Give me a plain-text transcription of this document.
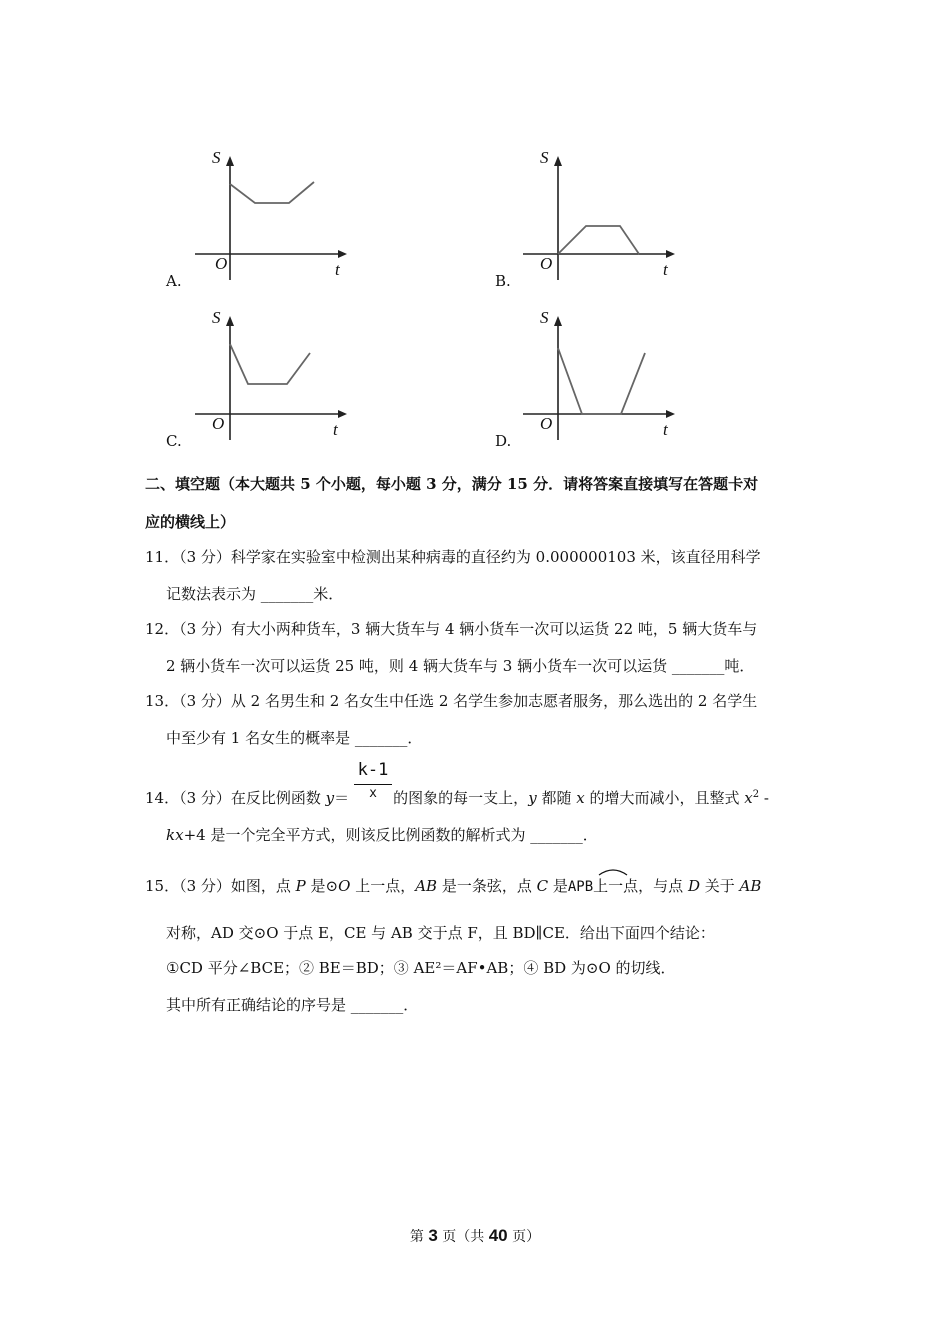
S
O	t
A.
S
O	t
B.
S
O	t
C.
S
O	t
D.
二、填空题（本大题共 5 个小题，每小题 3 分，满分 15 分．请将答案直接填写在答题卡对
应的横线上）
11．（3 分）科学家在实验室中检测出某种病毒的直径约为 0.000000103 米，该直径用科学
记数法表示为 _______米．
12．（3 分）有大小两种货车，3 辆大货车与 4 辆小货车一次可以运货 22 吨，5 辆大货车与
2 辆小货车一次可以运货 25 吨，则 4 辆大货车与 3 辆小货车一次可以运货 _______吨．
13．（3 分）从 2 名男生和 2 名女生中任选 2 名学生参加志愿者服务，那么选出的 2 名学生
中至少有 1 名女生的概率是 _______．
k-1
x
14．（3 分）在反比例函数 y＝	的图象的每一支上，y 都随 x 的增大而减小，且整式 $x^2$ -
kx+4 是一个完全平方式，则该反比例函数的解析式为 _______．
15．（3 分）如图，点 P 是⊙O 上一点，AB 是一条弦，点 C 是APB上一点，与点 D 关于 AB
对称，AD 交⊙O 于点 E，CE 与 AB 交于点 F，且 BD∥CE．给出下面四个结论：
①CD 平分∠BCE；② BE＝BD；③ AE²＝AF•AB；④ BD 为⊙O 的切线．
其中所有正确结论的序号是 _______．
第 3 页（共 40 页）
